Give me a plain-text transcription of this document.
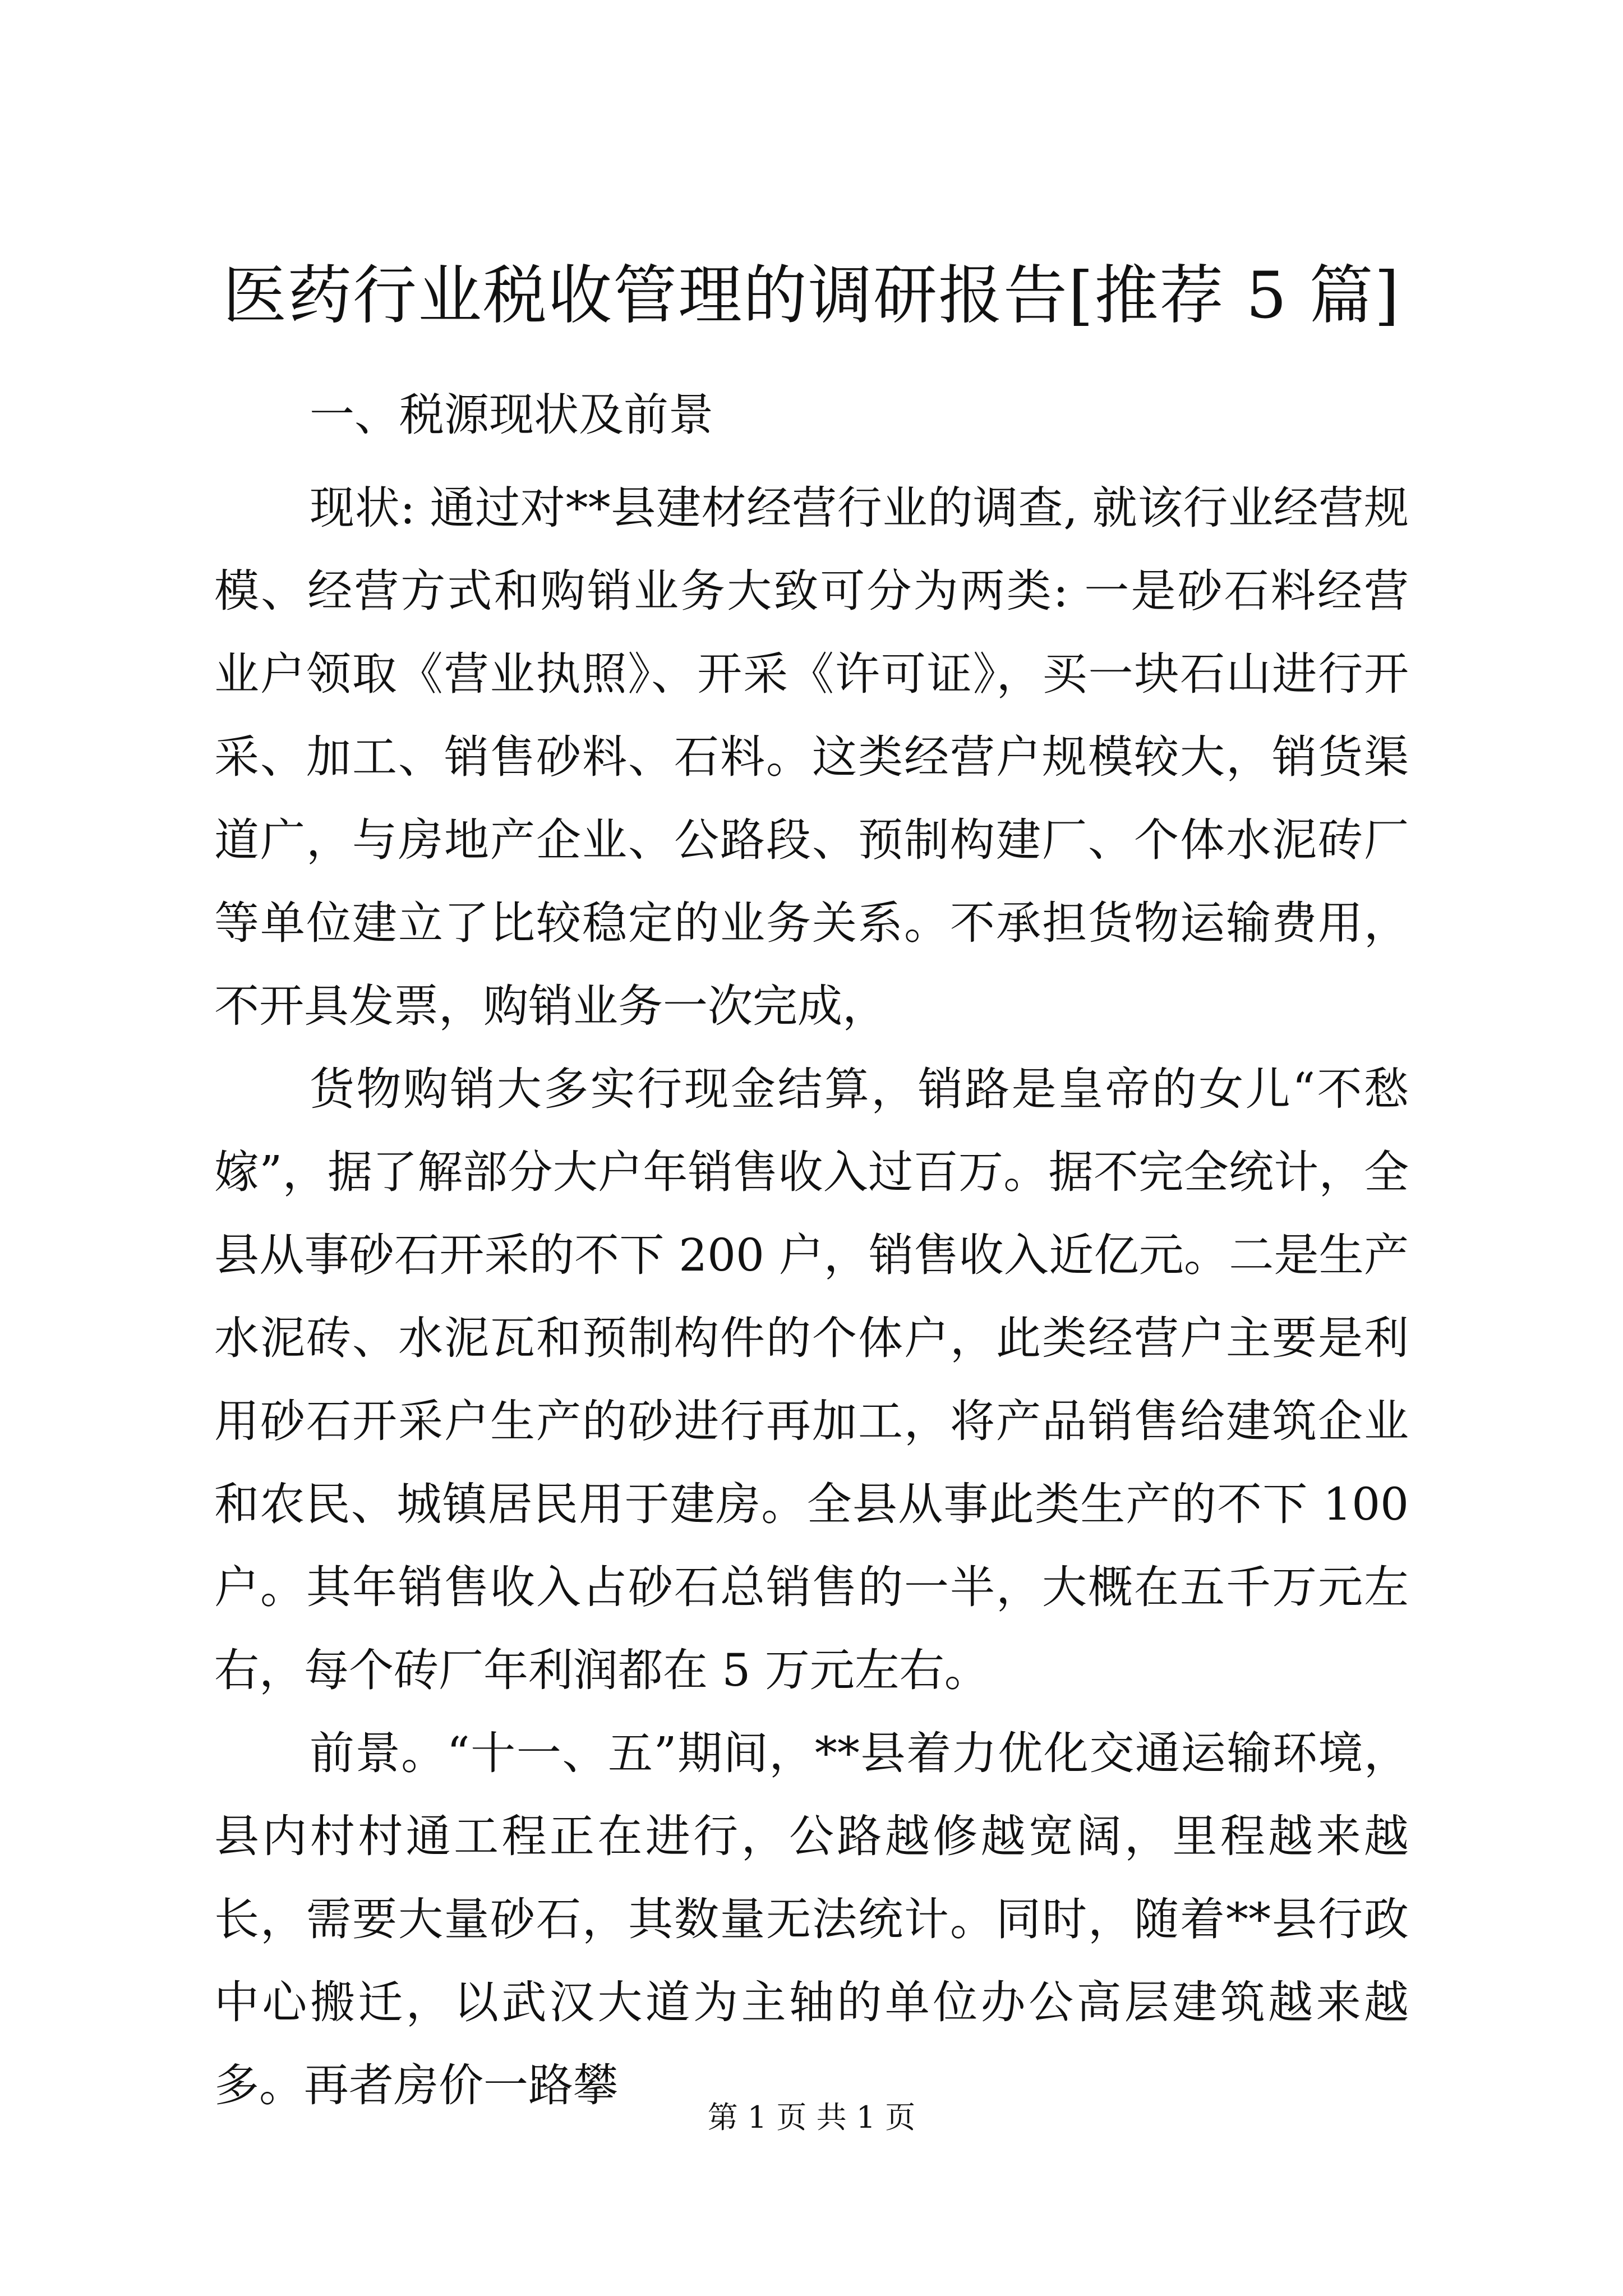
医药行业税收管理的调研报告[推荐 5 篇]

一、税源现状及前景

现状: 通过对**县建材经营行业的调查, 就该行业经营规模、经营方式和购销业务大致可分为两类: 一是砂石料经营业户领取《营业执照》、开采《许可证》，买一块石山进行开采、加工、销售砂料、石料。这类经营户规模较大，销货渠道广，与房地产企业、公路段、预制构建厂、个体水泥砖厂等单位建立了比较稳定的业务关系。不承担货物运输费用，不开具发票，购销业务一次完成，

货物购销大多实行现金结算，销路是皇帝的女儿“不愁嫁”，据了解部分大户年销售收入过百万。据不完全统计，全县从事砂石开采的不下 200 户，销售收入近亿元。二是生产水泥砖、水泥瓦和预制构件的个体户，此类经营户主要是利用砂石开采户生产的砂进行再加工，将产品销售给建筑企业和农民、城镇居民用于建房。全县从事此类生产的不下 100 户。其年销售收入占砂石总销售的一半，大概在五千万元左右，每个砖厂年利润都在 5 万元左右。

前景。“十一、五”期间，**县着力优化交通运输环境，县内村村通工程正在进行，公路越修越宽阔，里程越来越长，需要大量砂石，其数量无法统计。同时，随着**县行政中心搬迁，以武汉大道为主轴的单位办公高层建筑越来越多。再者房价一路攀

第 1 页 共 1 页
